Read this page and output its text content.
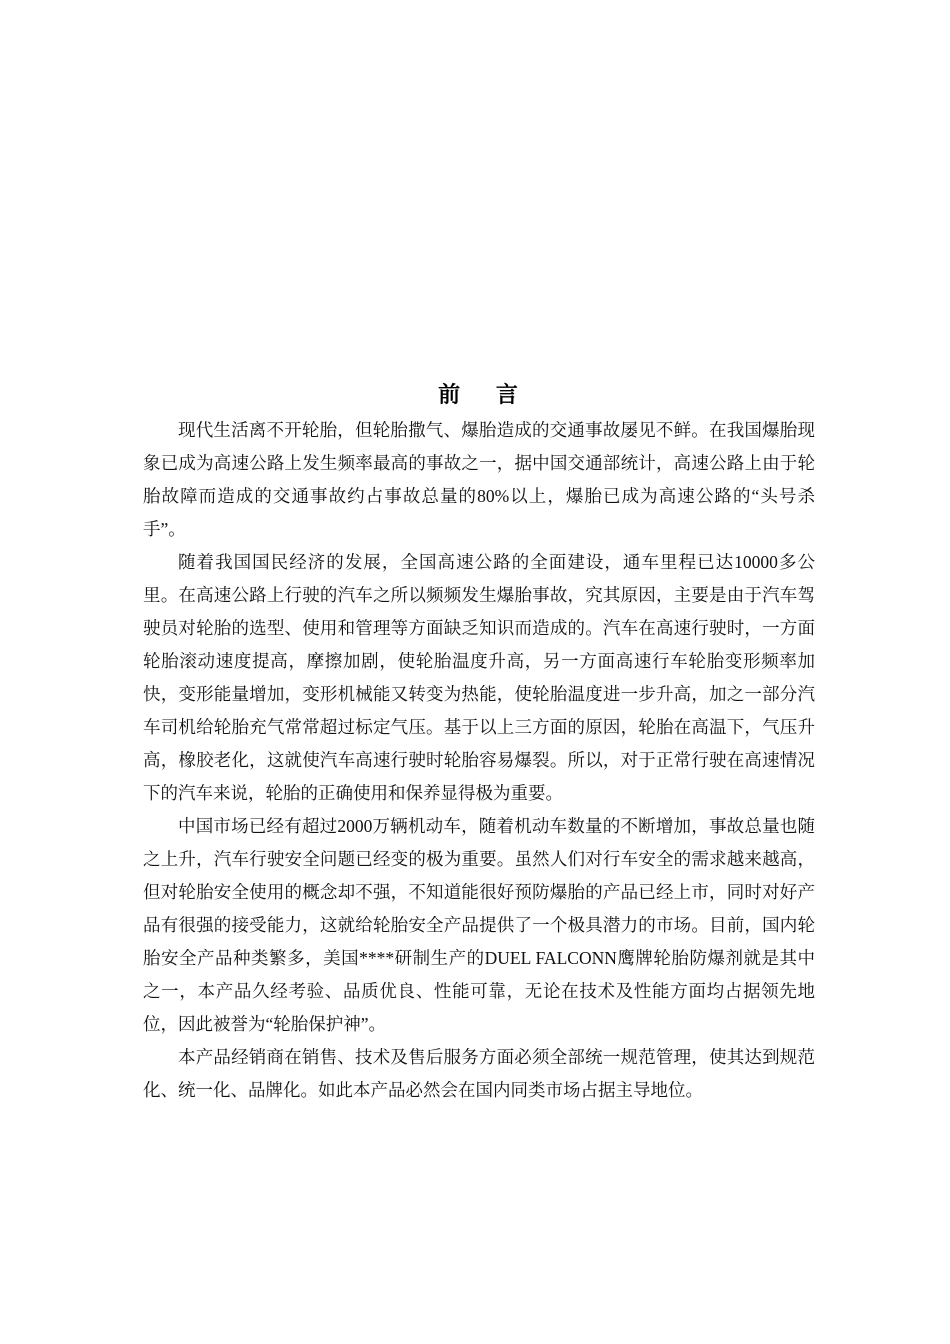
前 言

现代生活离不开轮胎，但轮胎撒气、爆胎造成的交通事故屡见不鲜。在我国爆胎现象已成为高速公路上发生频率最高的事故之一，据中国交通部统计，高速公路上由于轮胎故障而造成的交通事故约占事故总量的80%以上，爆胎已成为高速公路的“头号杀手”。

随着我国国民经济的发展，全国高速公路的全面建设，通车里程已达10000多公里。在高速公路上行驶的汽车之所以频频发生爆胎事故，究其原因，主要是由于汽车驾驶员对轮胎的选型、使用和管理等方面缺乏知识而造成的。汽车在高速行驶时，一方面轮胎滚动速度提高，摩擦加剧，使轮胎温度升高，另一方面高速行车轮胎变形频率加快，变形能量增加，变形机械能又转变为热能，使轮胎温度进一步升高，加之一部分汽车司机给轮胎充气常常超过标定气压。基于以上三方面的原因，轮胎在高温下，气压升高，橡胶老化，这就使汽车高速行驶时轮胎容易爆裂。所以，对于正常行驶在高速情况下的汽车来说，轮胎的正确使用和保养显得极为重要。

中国市场已经有超过2000万辆机动车，随着机动车数量的不断增加，事故总量也随之上升，汽车行驶安全问题已经变的极为重要。虽然人们对行车安全的需求越来越高，但对轮胎安全使用的概念却不强，不知道能很好预防爆胎的产品已经上市，同时对好产品有很强的接受能力，这就给轮胎安全产品提供了一个极具潜力的市场。目前，国内轮胎安全产品种类繁多，美国****研制生产的DUEL FALCONN鹰牌轮胎防爆剂就是其中之一，本产品久经考验、品质优良、性能可靠，无论在技术及性能方面均占据领先地位，因此被誉为“轮胎保护神”。

本产品经销商在销售、技术及售后服务方面必须全部统一规范管理，使其达到规范化、统一化、品牌化。如此本产品必然会在国内同类市场占据主导地位。
